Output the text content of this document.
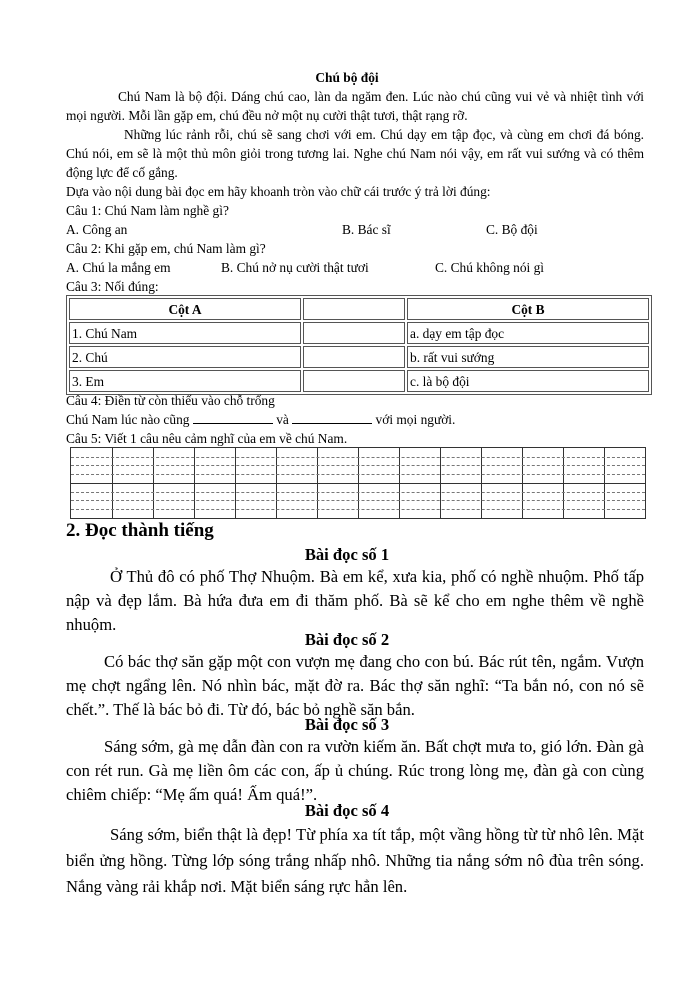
Chú bộ đội
Chú Nam là bộ đội. Dáng chú cao, làn da ngăm đen. Lúc nào chú cũng vui vẻ và nhiệt tình với mọi người. Mỗi lần gặp em, chú đều nở một nụ cười thật tươi, thật rạng rỡ.
Những lúc rảnh rỗi, chú sẽ sang chơi với em. Chú dạy em tập đọc, và cùng em chơi đá bóng. Chú nói, em sẽ là một thủ môn giỏi trong tương lai. Nghe chú Nam nói vậy, em rất vui sướng và có thêm động lực để cố gắng.
Dựa vào nội dung bài đọc em hãy khoanh tròn vào chữ cái trước ý trả lời đúng:
Câu 1: Chú Nam làm nghề gì?
A. Công an	B. Bác sĩ	C. Bộ đội
Câu 2: Khi gặp em, chú Nam làm gì?
A. Chú la mắng em	B. Chú nở nụ cười thật tươi	C. Chú không nói gì
Câu 3: Nối đúng:
Cột A		Cột B
1. Chú Nam		a. dạy em tập đọc
2. Chú		b. rất vui sướng
3. Em		c. là bộ đội
Câu 4: Điền từ còn thiếu vào chỗ trống
Chú Nam lúc nào cũng	và	với mọi người.
Câu 5: Viết 1 câu nêu cảm nghĩ của em về chú Nam.
2. Đọc thành tiếng
Bài đọc số 1
Ở Thủ đô có phố Thợ Nhuộm. Bà em kể, xưa kia, phố có nghề nhuộm. Phố tấp nập và đẹp lắm. Bà hứa đưa em đi thăm phố. Bà sẽ kể cho em nghe thêm về nghề nhuộm.
Bài đọc số 2
Có bác thợ săn gặp một con vượn mẹ đang cho con bú. Bác rút tên, ngắm. Vượn mẹ chợt ngẩng lên. Nó nhìn bác, mặt đờ ra. Bác thợ săn nghĩ: “Ta bắn nó, con nó sẽ chết.”. Thế là bác bỏ đi. Từ đó, bác bỏ nghề săn bắn.
Bài đọc số 3
Sáng sớm, gà mẹ dẫn đàn con ra vườn kiếm ăn. Bất chợt mưa to, gió lớn. Đàn gà con rét run. Gà mẹ liền ôm các con, ấp ủ chúng. Rúc trong lòng mẹ, đàn gà con cùng chiêm chiếp: “Mẹ ấm quá! Ấm quá!”.
Bài đọc số 4
Sáng sớm, biển thật là đẹp! Từ phía xa tít tắp, một vầng hồng từ từ nhô lên. Mặt biển ửng hồng. Từng lớp sóng trắng nhấp nhô. Những tia nắng sớm nô đùa trên sóng. Nắng vàng rải khắp nơi. Mặt biển sáng rực hẳn lên.
